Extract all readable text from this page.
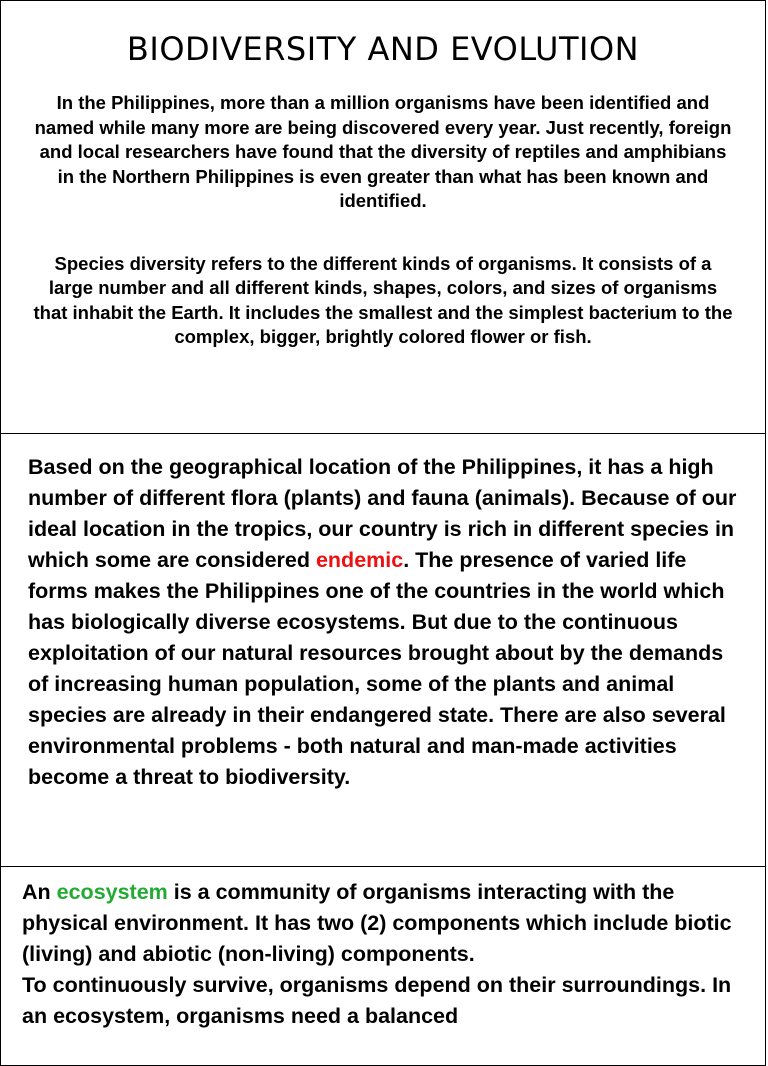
BIODIVERSITY AND EVOLUTION

In the Philippines, more than a million organisms have been identified and named while many more are being discovered every year. Just recently, foreign and local researchers have found that the diversity of reptiles and amphibians in the Northern Philippines is even greater than what has been known and identified.

Species diversity refers to the different kinds of organisms. It consists of a large number and all different kinds, shapes, colors, and sizes of organisms that inhabit the Earth. It includes the smallest and the simplest bacterium to the complex, bigger, brightly colored flower or fish.

Based on the geographical location of the Philippines, it has a high number of different flora (plants) and fauna (animals). Because of our ideal location in the tropics, our country is rich in different species in which some are considered endemic. The presence of varied life forms makes the Philippines one of the countries in the world which has biologically diverse ecosystems. But due to the continuous exploitation of our natural resources brought about by the demands of increasing human population, some of the plants and animal species are already in their endangered state. There are also several environmental problems - both natural and man-made activities become a threat to biodiversity.

An ecosystem is a community of organisms interacting with the physical environment. It has two (2) components which include biotic (living) and abiotic (non-living) components.
To continuously survive, organisms depend on their surroundings. In an ecosystem, organisms need a balanced
